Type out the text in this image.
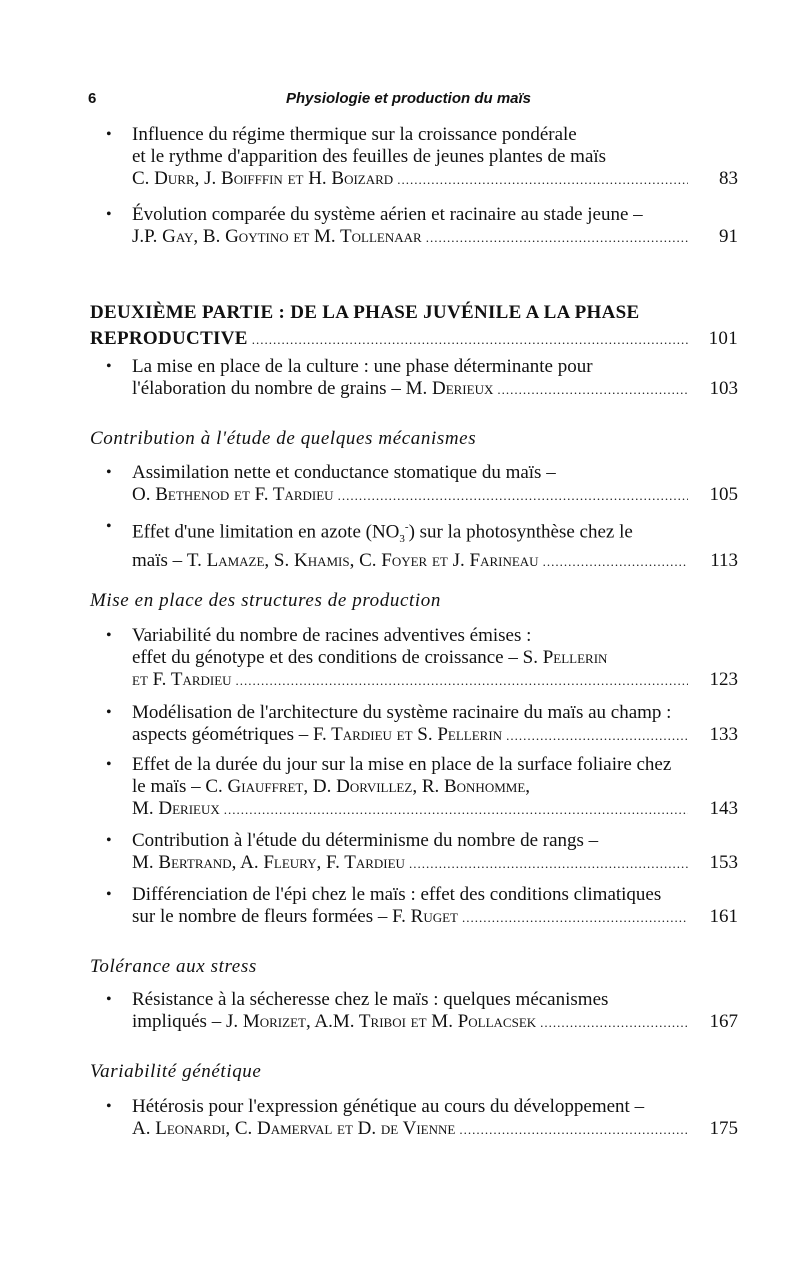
6	Physiologie et production du maïs
• Influence du régime thermique sur la croissance pondérale
et le rythme d'apparition des feuilles de jeunes plantes de maïs
C. Durr, J. Boifffin et H. Boizard .....	83
• Évolution comparée du système aérien et racinaire au stade jeune –
J.P. Gay, B. Goytino et M. Tollenaar .....	91
DEUXIÈME PARTIE : DE LA PHASE JUVÉNILE A LA PHASE
REPRODUCTIVE .....	101
• La mise en place de la culture : une phase déterminante pour
l'élaboration du nombre de grains – M. Derieux .....	103
Contribution à l'étude de quelques mécanismes
• Assimilation nette et conductance stomatique du maïs –
O. Bethenod et F. Tardieu .....	105
• Effet d'une limitation en azote $(NO_3^-)$ sur la photosynthèse chez le
maïs – T. Lamaze, S. Khamis, C. Foyer et J. Farineau .....	113
Mise en place des structures de production
• Variabilité du nombre de racines adventives émises :
effet du génotype et des conditions de croissance – S. Pellerin
et F. Tardieu .....	123
• Modélisation de l'architecture du système racinaire du maïs au champ :
aspects géométriques – F. Tardieu et S. Pellerin .....	133
• Effet de la durée du jour sur la mise en place de la surface foliaire chez
le maïs – C. Giauffret, D. Dorvillez, R. Bonhomme,
M. Derieux .....	143
• Contribution à l'étude du déterminisme du nombre de rangs –
M. Bertrand, A. Fleury, F. Tardieu .....	153
• Différenciation de l'épi chez le maïs : effet des conditions climatiques
sur le nombre de fleurs formées – F. Ruget .....	161
Tolérance aux stress
• Résistance à la sécheresse chez le maïs : quelques mécanismes
impliqués – J. Morizet, A.M. Triboi et M. Pollacsek .....	167
Variabilité génétique
• Hétérosis pour l'expression génétique au cours du développement –
A. Leonardi, C. Damerval et D. de Vienne .....	175
